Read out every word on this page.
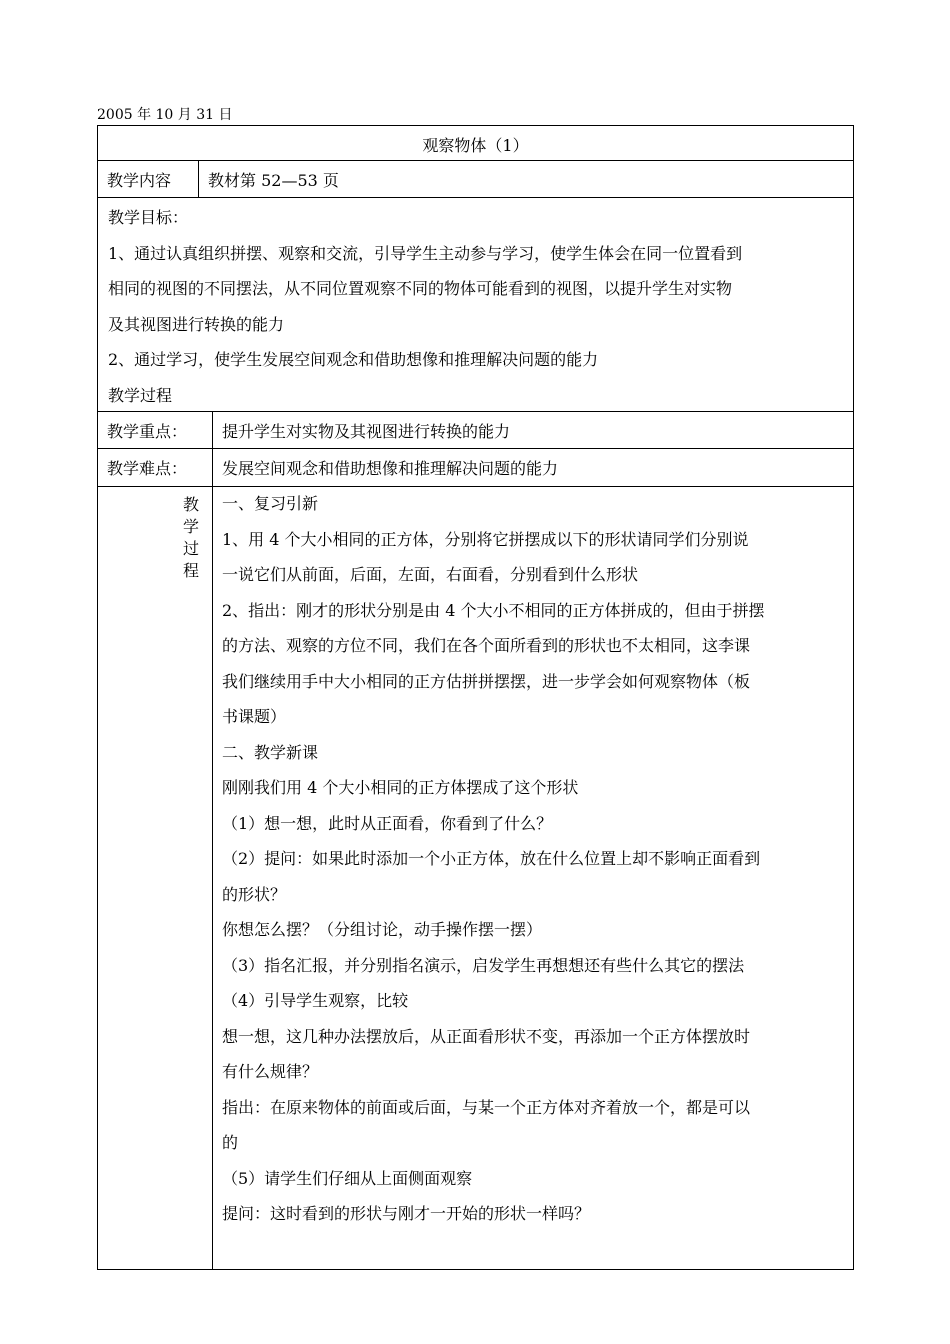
2005 年 10 月 31 日
观察物体（1）
教学内容 教材第 52—53 页
教学目标：
1、通过认真组织拼摆、观察和交流，引导学生主动参与学习，使学生体会在同一位置看到
相同的视图的不同摆法，从不同位置观察不同的物体可能看到的视图，以提升学生对实物
及其视图进行转换的能力
2、通过学习，使学生发展空间观念和借助想像和推理解决问题的能力
教学过程
教学重点： 提升学生对实物及其视图进行转换的能力
教学难点： 发展空间观念和借助想像和推理解决问题的能力
教
学
过
程
一、复习引新
1、用 4 个大小相同的正方体，分别将它拼摆成以下的形状请同学们分别说
一说它们从前面，后面，左面，右面看，分别看到什么形状
2、指出：刚才的形状分别是由 4 个大小不相同的正方体拼成的，但由于拼摆
的方法、观察的方位不同，我们在各个面所看到的形状也不太相同，这李课
我们继续用手中大小相同的正方估拼拼摆摆，进一步学会如何观察物体（板
书课题）
二、教学新课
刚刚我们用 4 个大小相同的正方体摆成了这个形状
（1）想一想，此时从正面看，你看到了什么？
（2）提问：如果此时添加一个小正方体，放在什么位置上却不影响正面看到
的形状？
你想怎么摆？（分组讨论，动手操作摆一摆）
（3）指名汇报，并分别指名演示，启发学生再想想还有些什么其它的摆法
（4）引导学生观察，比较
想一想，这几种办法摆放后，从正面看形状不变，再添加一个正方体摆放时
有什么规律？
指出：在原来物体的前面或后面，与某一个正方体对齐着放一个，都是可以
的
（5）请学生们仔细从上面侧面观察
提问：这时看到的形状与刚才一开始的形状一样吗？
